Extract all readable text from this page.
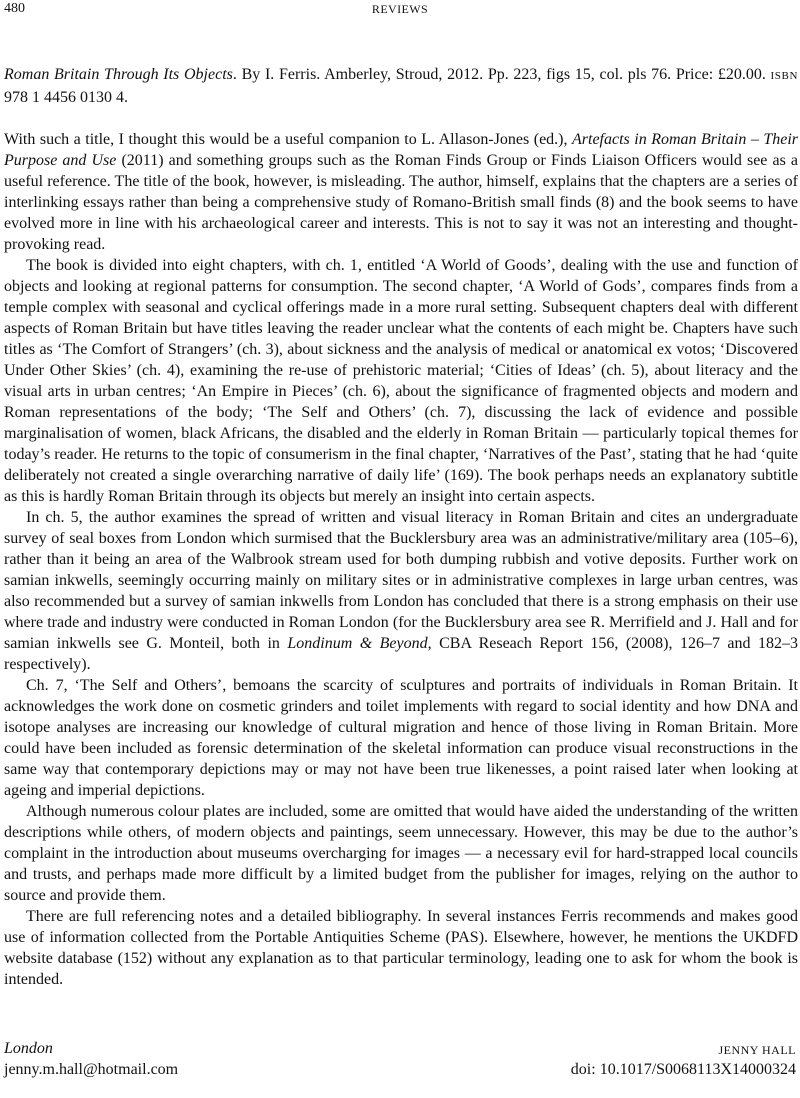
480	REVIEWS

Roman Britain Through Its Objects. By I. Ferris. Amberley, Stroud, 2012. Pp. 223, figs 15, col. pls 76. Price: £20.00. ISBN 978 1 4456 0130 4.

With such a title, I thought this would be a useful companion to L. Allason-Jones (ed.), Artefacts in Roman Britain – Their Purpose and Use (2011) and something groups such as the Roman Finds Group or Finds Liaison Officers would see as a useful reference. The title of the book, however, is misleading. The author, himself, explains that the chapters are a series of interlinking essays rather than being a comprehensive study of Romano-British small finds (8) and the book seems to have evolved more in line with his archaeological career and interests. This is not to say it was not an interesting and thought-provoking read.

The book is divided into eight chapters, with ch. 1, entitled ‘A World of Goods’, dealing with the use and function of objects and looking at regional patterns for consumption. The second chapter, ‘A World of Gods’, compares finds from a temple complex with seasonal and cyclical offerings made in a more rural setting. Subsequent chapters deal with different aspects of Roman Britain but have titles leaving the reader unclear what the contents of each might be. Chapters have such titles as ‘The Comfort of Strangers’ (ch. 3), about sickness and the analysis of medical or anatomical ex votos; ‘Discovered Under Other Skies’ (ch. 4), examining the re-use of prehistoric material; ‘Cities of Ideas’ (ch. 5), about literacy and the visual arts in urban centres; ‘An Empire in Pieces’ (ch. 6), about the significance of fragmented objects and modern and Roman representations of the body; ‘The Self and Others’ (ch. 7), discussing the lack of evidence and possible marginalisation of women, black Africans, the disabled and the elderly in Roman Britain — particularly topical themes for today’s reader. He returns to the topic of consumerism in the final chapter, ‘Narratives of the Past’, stating that he had ‘quite deliberately not created a single overarching narrative of daily life’ (169). The book perhaps needs an explanatory subtitle as this is hardly Roman Britain through its objects but merely an insight into certain aspects.

In ch. 5, the author examines the spread of written and visual literacy in Roman Britain and cites an undergraduate survey of seal boxes from London which surmised that the Bucklersbury area was an administrative/military area (105–6), rather than it being an area of the Walbrook stream used for both dumping rubbish and votive deposits. Further work on samian inkwells, seemingly occurring mainly on military sites or in administrative complexes in large urban centres, was also recommended but a survey of samian inkwells from London has concluded that there is a strong emphasis on their use where trade and industry were conducted in Roman London (for the Bucklersbury area see R. Merrifield and J. Hall and for samian inkwells see G. Monteil, both in Londinum & Beyond, CBA Reseach Report 156, (2008), 126–7 and 182–3 respectively).

Ch. 7, ‘The Self and Others’, bemoans the scarcity of sculptures and portraits of individuals in Roman Britain. It acknowledges the work done on cosmetic grinders and toilet implements with regard to social identity and how DNA and isotope analyses are increasing our knowledge of cultural migration and hence of those living in Roman Britain. More could have been included as forensic determination of the skeletal information can produce visual reconstructions in the same way that contemporary depictions may or may not have been true likenesses, a point raised later when looking at ageing and imperial depictions.

Although numerous colour plates are included, some are omitted that would have aided the understanding of the written descriptions while others, of modern objects and paintings, seem unnecessary. However, this may be due to the author’s complaint in the introduction about museums overcharging for images — a necessary evil for hard-strapped local councils and trusts, and perhaps made more difficult by a limited budget from the publisher for images, relying on the author to source and provide them.

There are full referencing notes and a detailed bibliography. In several instances Ferris recommends and makes good use of information collected from the Portable Antiquities Scheme (PAS). Elsewhere, however, he mentions the UKDFD website database (152) without any explanation as to that particular terminology, leading one to ask for whom the book is intended.

London	JENNY HALL
jenny.m.hall@hotmail.com	doi: 10.1017/S0068113X14000324
